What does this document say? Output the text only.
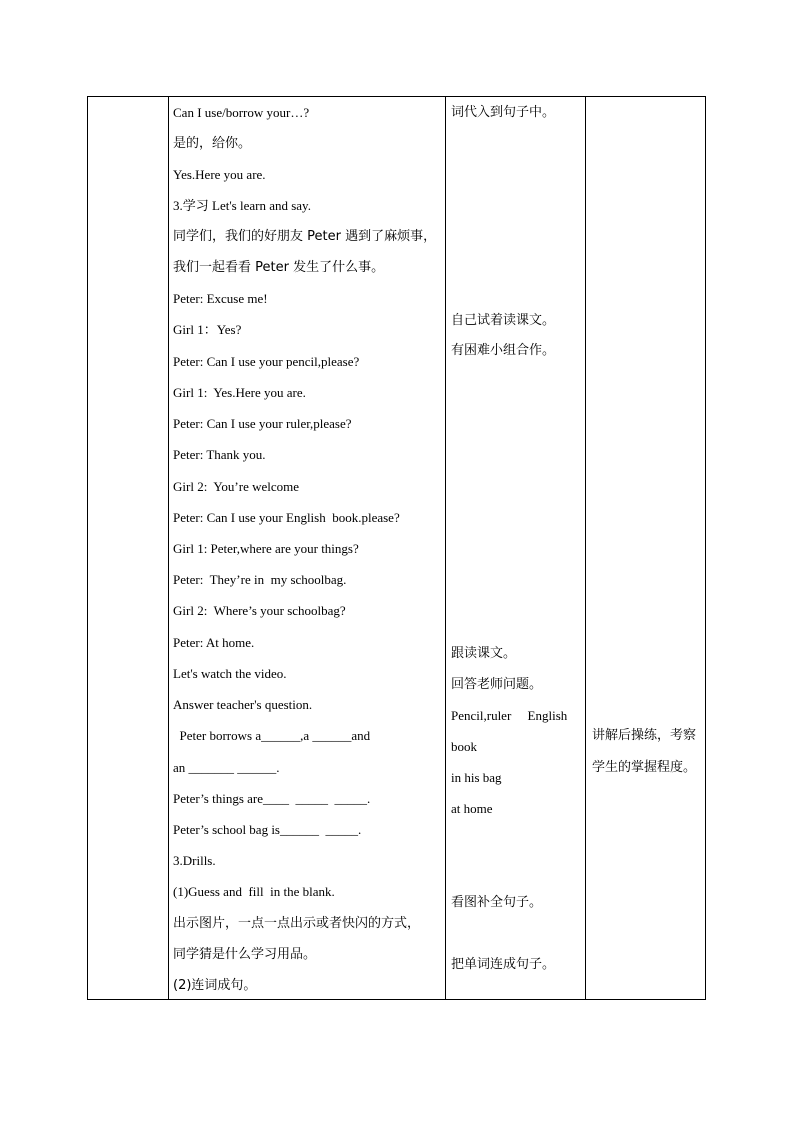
Can I use/borrow your…?
是的，给你。
Yes.Here you are.
3.学习 Let's learn and say.
同学们，我们的好朋友 Peter 遇到了麻烦事，
我们一起看看 Peter 发生了什么事。
Peter: Excuse me!
Girl 1：Yes?
Peter: Can I use your pencil,please?
Girl 1:  Yes.Here you are.
Peter: Can I use your ruler,please?
Peter: Thank you.
Girl 2:  You’re welcome
Peter: Can I use your English  book.please?
Girl 1: Peter,where are your things?
Peter:  They’re in  my schoolbag.
Girl 2:  Where’s your schoolbag?
Peter: At home.
Let's watch the video.
Answer teacher's question.
Peter borrows a______,a ______and
an _______ ______.
Peter’s things are____  _____  _____.
Peter’s school bag is______  _____.
3.Drills.
(1)Guess and  fill  in the blank.
出示图片，一点一点出示或者快闪的方式，
同学猜是什么学习用品。
(2)连词成句。
词代入到句子中。
自己试着读课文。
有困难小组合作。
跟读课文。
回答老师问题。
Pencil,ruler     English
book
in his bag
at home
看图补全句子。
把单词连成句子。
讲解后操练，考察
学生的掌握程度。
